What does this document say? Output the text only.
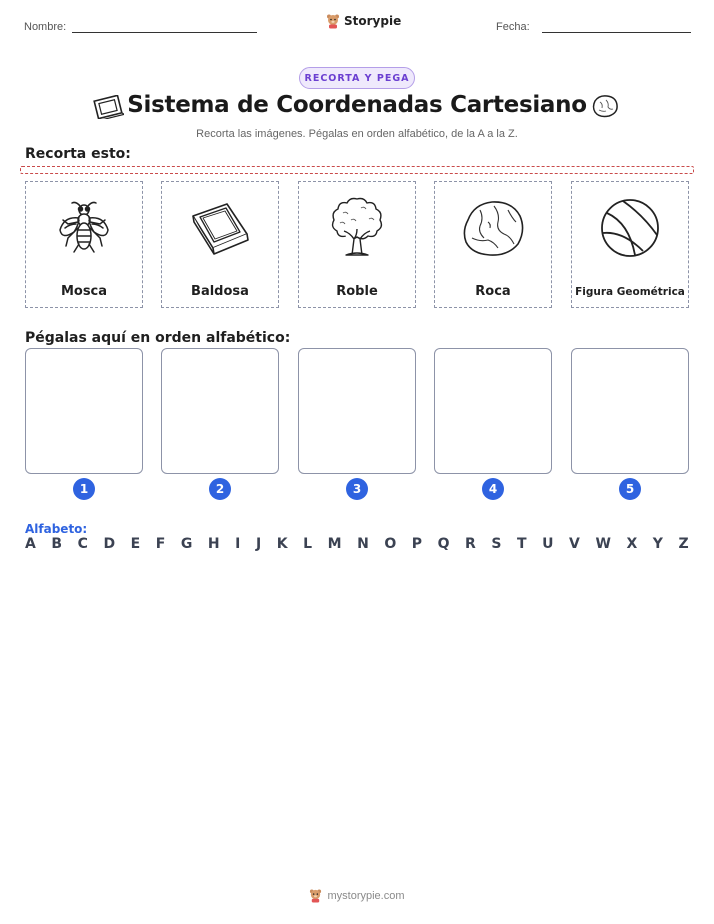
Nombre:	Storypie	Fecha:
RECORTA Y PEGA
Sistema de Coordenadas Cartesiano
Recorta las imágenes. Pégalas en orden alfabético, de la A a la Z.
Recorta esto:
Mosca	Baldosa	Roble	Roca	Figura Geométrica
Pégalas aquí en orden alfabético:
1	2	3	4	5
Alfabeto:
A B C D E F G H I J K L M N O P Q R S T U V W X Y Z
mystorypie.com
